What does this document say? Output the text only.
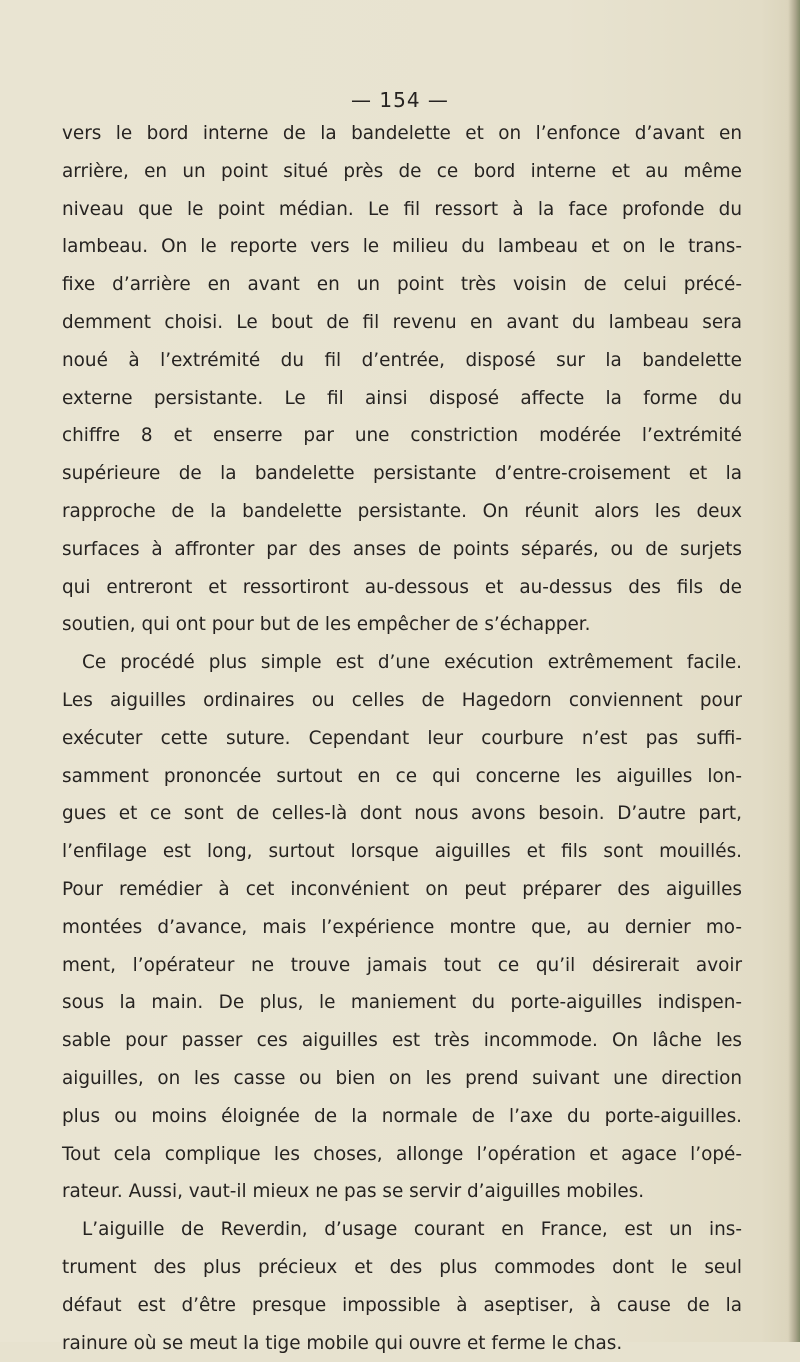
— 154 —
vers le bord interne de la bandelette et on l’enfonce d’avant en
arrière, en un point situé près de ce bord interne et au même
niveau que le point médian. Le fil ressort à la face profonde du
lambeau. On le reporte vers le milieu du lambeau et on le trans-
fixe d’arrière en avant en un point très voisin de celui précé-
demment choisi. Le bout de fil revenu en avant du lambeau sera
noué à l’extrémité du fil d’entrée, disposé sur la bandelette
externe persistante. Le fil ainsi disposé affecte la forme du
chiffre 8 et enserre par une constriction modérée l’extrémité
supérieure de la bandelette persistante d’entre-croisement et la
rapproche de la bandelette persistante. On réunit alors les deux
surfaces à affronter par des anses de points séparés, ou de surjets
qui entreront et ressortiront au-dessous et au-dessus des fils de
soutien, qui ont pour but de les empêcher de s’échapper.
Ce procédé plus simple est d’une exécution extrêmement facile.
Les aiguilles ordinaires ou celles de Hagedorn conviennent pour
exécuter cette suture. Cependant leur courbure n’est pas suffi-
samment prononcée surtout en ce qui concerne les aiguilles lon-
gues et ce sont de celles-là dont nous avons besoin. D’autre part,
l’enfilage est long, surtout lorsque aiguilles et fils sont mouillés.
Pour remédier à cet inconvénient on peut préparer des aiguilles
montées d’avance, mais l’expérience montre que, au dernier mo-
ment, l’opérateur ne trouve jamais tout ce qu’il désirerait avoir
sous la main. De plus, le maniement du porte-aiguilles indispen-
sable pour passer ces aiguilles est très incommode. On lâche les
aiguilles, on les casse ou bien on les prend suivant une direction
plus ou moins éloignée de la normale de l’axe du porte-aiguilles.
Tout cela complique les choses, allonge l’opération et agace l’opé-
rateur. Aussi, vaut-il mieux ne pas se servir d’aiguilles mobiles.
L’aiguille de Reverdin, d’usage courant en France, est un ins-
trument des plus précieux et des plus commodes dont le seul
défaut est d’être presque impossible à aseptiser, à cause de la
rainure où se meut la tige mobile qui ouvre et ferme le chas.
